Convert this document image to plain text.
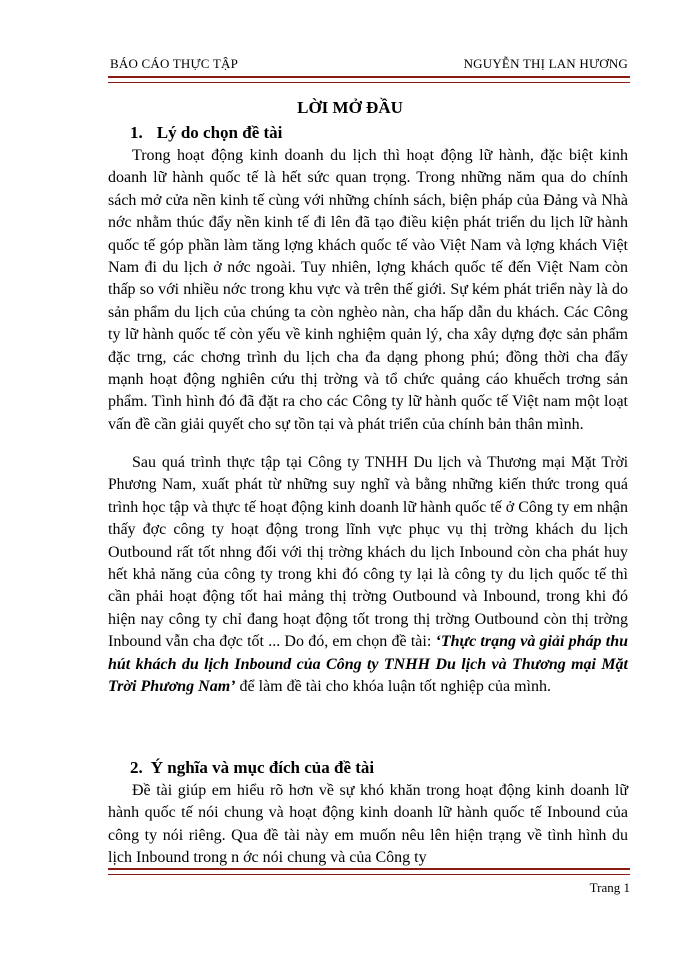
BÁO CÁO THỰC TẬP	NGUYỄN THỊ LAN HƯƠNG
LỜI MỞ ĐẦU
1. Lý do chọn đề tài

Trong hoạt động kinh doanh du lịch thì hoạt động lữ hành, đặc biệt kinh doanh lữ hành quốc tế là hết sức quan trọng. Trong những năm qua do chính sách mở cửa nền kinh tế cùng với những chính sách, biện pháp của Đảng và Nhà nớc nhằm thúc đẩy nền kinh tế đi lên đã tạo điều kiện phát triển du lịch lữ hành quốc tế góp phần làm tăng lợng khách quốc tế vào Việt Nam và lợng khách Việt Nam đi du lịch ở nớc ngoài. Tuy nhiên, lợng khách quốc tế đến Việt Nam còn thấp so với nhiều nớc trong khu vực và trên thế giới. Sự kém phát triển này là do sản phẩm du lịch của chúng ta còn nghèo nàn, cha hấp dẫn du khách. Các Công ty lữ hành quốc tế còn yếu về kinh nghiệm quản lý, cha xây dựng đợc sản phẩm đặc trng, các chơng trình du lịch cha đa dạng phong phú; đồng thời cha đẩy mạnh hoạt động nghiên cứu thị trờng và tổ chức quảng cáo khuếch trơng sản phẩm. Tình hình đó đã đặt ra cho các Công ty lữ hành quốc tế Việt nam một loạt vấn đề cần giải quyết cho sự tồn tại và phát triển của chính bản thân mình.

Sau quá trình thực tập tại Công ty TNHH Du lịch và Thương mại Mặt Trời Phương Nam, xuất phát từ những suy nghĩ và bằng những kiến thức trong quá trình học tập và thực tế hoạt động kinh doanh lữ hành quốc tế ở Công ty em nhận thấy đợc công ty hoạt động trong lĩnh vực phục vụ thị trờng khách du lịch Outbound rất tốt nhng đối với thị trờng khách du lịch Inbound còn cha phát huy hết khả năng của công ty trong khi đó công ty lại là công ty du lịch quốc tế thì cần phải hoạt động tốt hai mảng thị trờng Outbound và Inbound, trong khi đó hiện nay công ty chỉ đang hoạt động tốt trong thị trờng Outbound còn thị trờng Inbound vẫn cha đợc tốt ... Do đó, em chọn đề tài: ‘Thực trạng và giải pháp thu hút khách du lịch Inbound của Công ty TNHH Du lịch và Thương mại Mặt Trời Phương Nam’ để làm đề tài cho khóa luận tốt nghiệp của mình.

2. Ý nghĩa và mục đích của đề tài

Đề tài giúp em hiểu rõ hơn về sự khó khăn trong hoạt động kinh doanh lữ hành quốc tế nói chung và hoạt động kinh doanh lữ hành quốc tế Inbound của công ty nói riêng. Qua đề tài này em muốn nêu lên hiện trạng về tình hình du lịch Inbound trong n ớc nói chung và của Công ty

Trang 1
